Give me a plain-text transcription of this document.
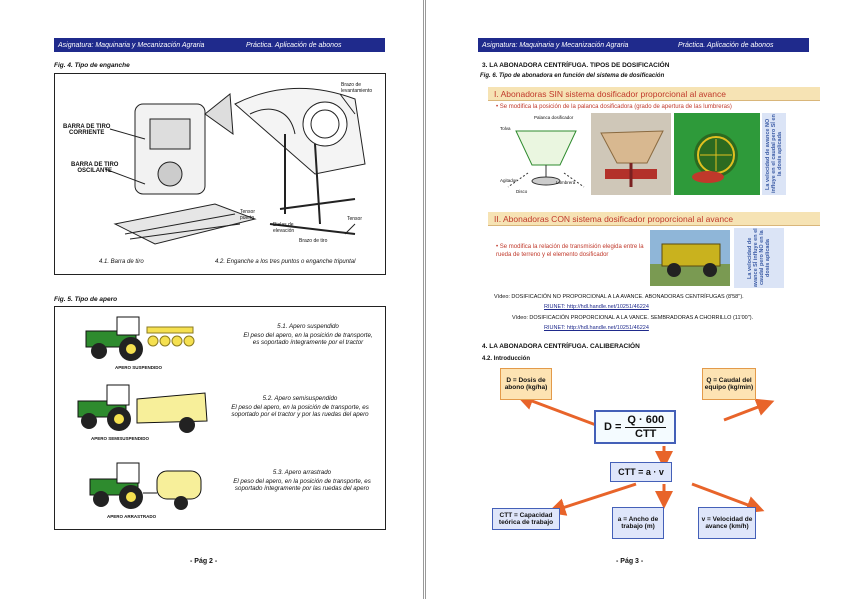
Asignatura: Maquinaria y Mecanización Agraria	Práctica. Aplicación de abonos
Fig. 4. Tipo de enganche
BARRA DE TIRO
CORRIENTE
BARRA DE TIRO
OSCILANTE
Brazo de
levantamiento
Tensor
puerto
Bielas de
elevación
Brazo de tiro
Tensor
4.1. Barra de tiro	4.2. Enganche a los tres puntos o enganche tripuntal
Fig. 5. Tipo de apero
APERO SUSPENDIDO
5.1. Apero suspendido
El peso del apero, en la posición de transporte, es soportado íntegramente por el tractor
APERO SEMISUSPENDIDO
5.2. Apero semisuspendido
El peso del apero, en la posición de transporte, es soportado por el tractor y por las ruedas del apero
APERO ARRASTRADO
5.3. Apero arrastrado
El peso del apero, en la posición de transporte, es soportado íntegramente por las ruedas del apero
- Pág 2 -
Asignatura: Maquinaria y Mecanización Agraria	Práctica. Aplicación de abonos
3. LA ABONADORA CENTRÍFUGA. TIPOS DE DOSIFICACIÓN
Fig. 6. Tipo de abonadora en función del sistema de dosificación
I. Abonadoras SIN sistema dosificador proporcional al avance
• Se modifica la posición de la palanca dosificadora (grado de apertura de las lumbreras)
Palanca dosificador
Tolva
Agitador	Lumbrera
Disco
La velocidad de avance NO influye en el caudal pero SÍ en la dosis aplicada
II. Abonadoras CON sistema dosificador proporcional al avance
• Se modifica la relación de transmisión elegida entre la rueda de terreno y el elemento dosificador	La velocidad de avance SÍ influye en el caudal pero NO en la dosis aplicada
Vídeo: DOSIFICACIÓN NO PROPORCIONAL A LA AVANCE. ABONADORAS CENTRÍFUGAS (8'58'').
RIUNET: http://hdl.handle.net/10251/46224
Vídeo: DOSIFICACIÓN PROPORCIONAL A LA VANCE. SEMBRADORAS A CHORRILLO (11'00'').
RIUNET: http://hdl.handle.net/10251/46224
4. LA ABONADORA CENTRÍFUGA. CALIBERACIÓN
4.2. Introducción
D = Dosis de abono (kg/ha)
Q = Caudal del equipo (kg/min)
D =
Q · 600
CTT
CTT = a · v
CTT = Capacidad teórica de trabajo	a = Ancho de trabajo (m)
v = Velocidad de avance (km/h)
- Pág 3 -
